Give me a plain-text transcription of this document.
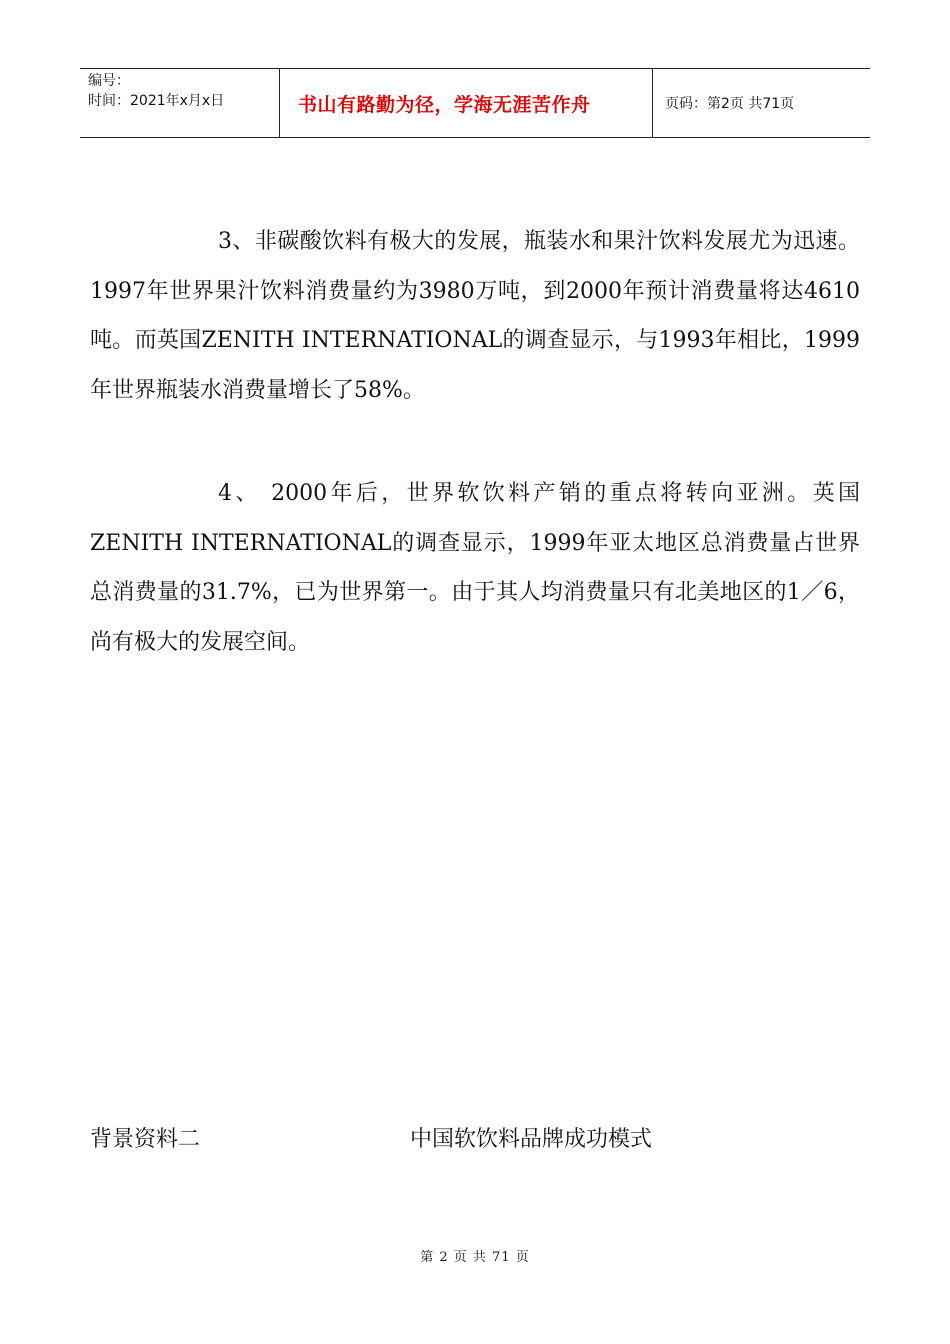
编号：
时间：2021年x月x日	书山有路勤为径，学海无涯苦作舟	页码：第2页 共71页

3、非碳酸饮料有极大的发展，瓶装水和果汁饮料发展尤为迅速。1997年世界果汁饮料消费量约为3980万吨，到2000年预计消费量将达4610吨。而英国ZENITH INTERNATIONAL的调查显示，与1993年相比，1999年世界瓶装水消费量增长了58%。

4、 2000年后，世界软饮料产销的重点将转向亚洲。英国ZENITH INTERNATIONAL的调查显示，1999年亚太地区总消费量占世界总消费量的31.7%，已为世界第一。由于其人均消费量只有北美地区的1／6，尚有极大的发展空间。

背景资料二	中国软饮料品牌成功模式
第 2 页 共 71 页
